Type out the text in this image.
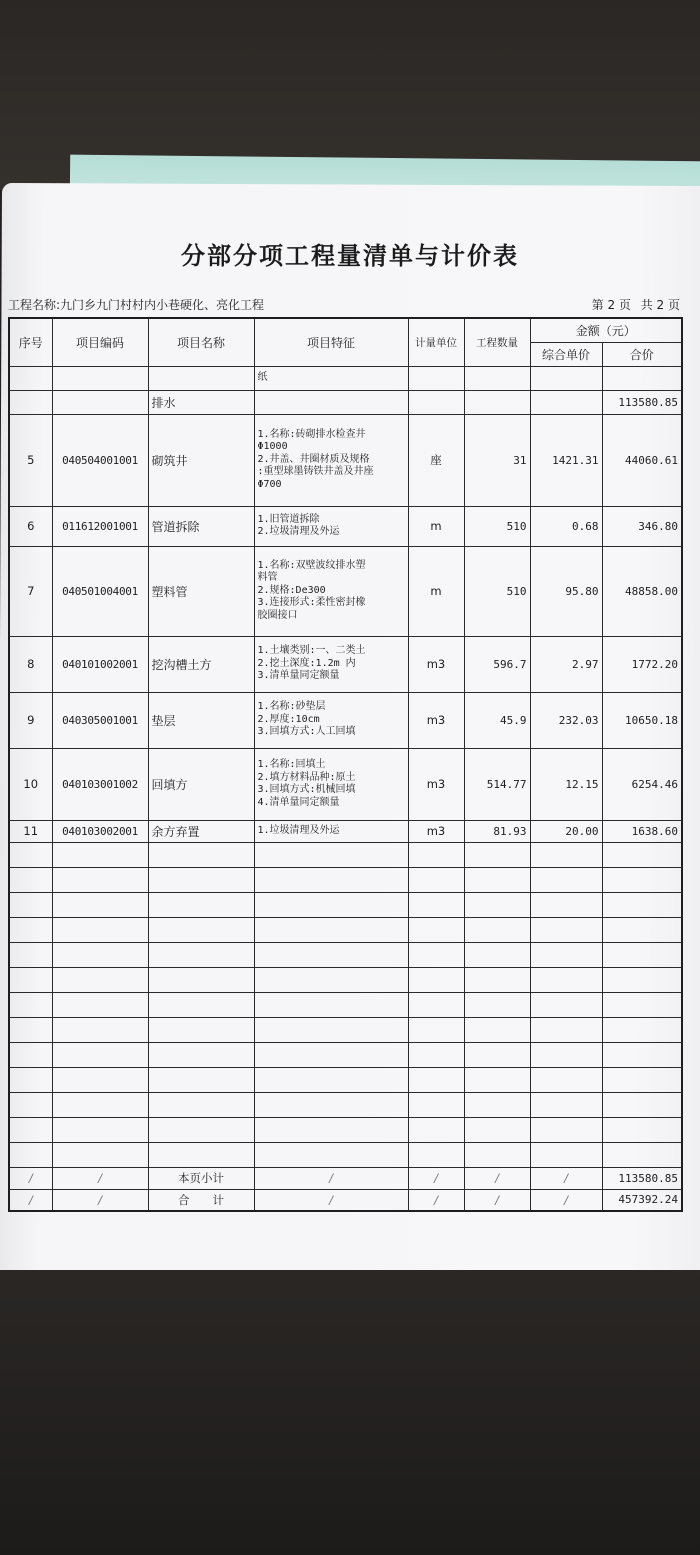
分部分项工程量清单与计价表
工程名称:九门乡九门村村内小巷硬化、亮化工程	第 2 页 共 2 页
序号	项目编码	项目名称	项目特征	计量单位	工程数量	金额（元）	
						综合单价	合价
			纸				
		排水					113580.85
5	040504001001	砌筑井	1.名称:砖砌排水检查井
Φ1000
2.井盖、井圈材质及规格
:重型球墨铸铁井盖及井座
Φ700	座	31	1421.31	44060.61
6	011612001001	管道拆除	1.旧管道拆除
2.垃圾清理及外运	m	510	0.68	346.80
7	040501004001	塑料管	1.名称:双壁波纹排水塑
料管
2.规格:De300
3.连接形式:柔性密封橡
胶圈接口	m	510	95.80	48858.00
8	040101002001	挖沟槽土方	1.土壤类别:一、二类土
2.挖土深度:1.2m 内
3.清单量同定额量	m3	596.7	2.97	1772.20
9	040305001001	垫层	1.名称:砂垫层
2.厚度:10cm
3.回填方式:人工回填	m3	45.9	232.03	10650.18
10	040103001002	回填方	1.名称:回填土
2.填方材料品种:原土
3.回填方式:机械回填
4.清单量同定额量	m3	514.77	12.15	6254.46
11	040103002001	余方弃置	1.垃圾清理及外运	m3	81.93	20.00	1638.60

/	/	本页小计	/	/	/	/	113580.85
/	/	合　　计	/	/	/	/	457392.24
